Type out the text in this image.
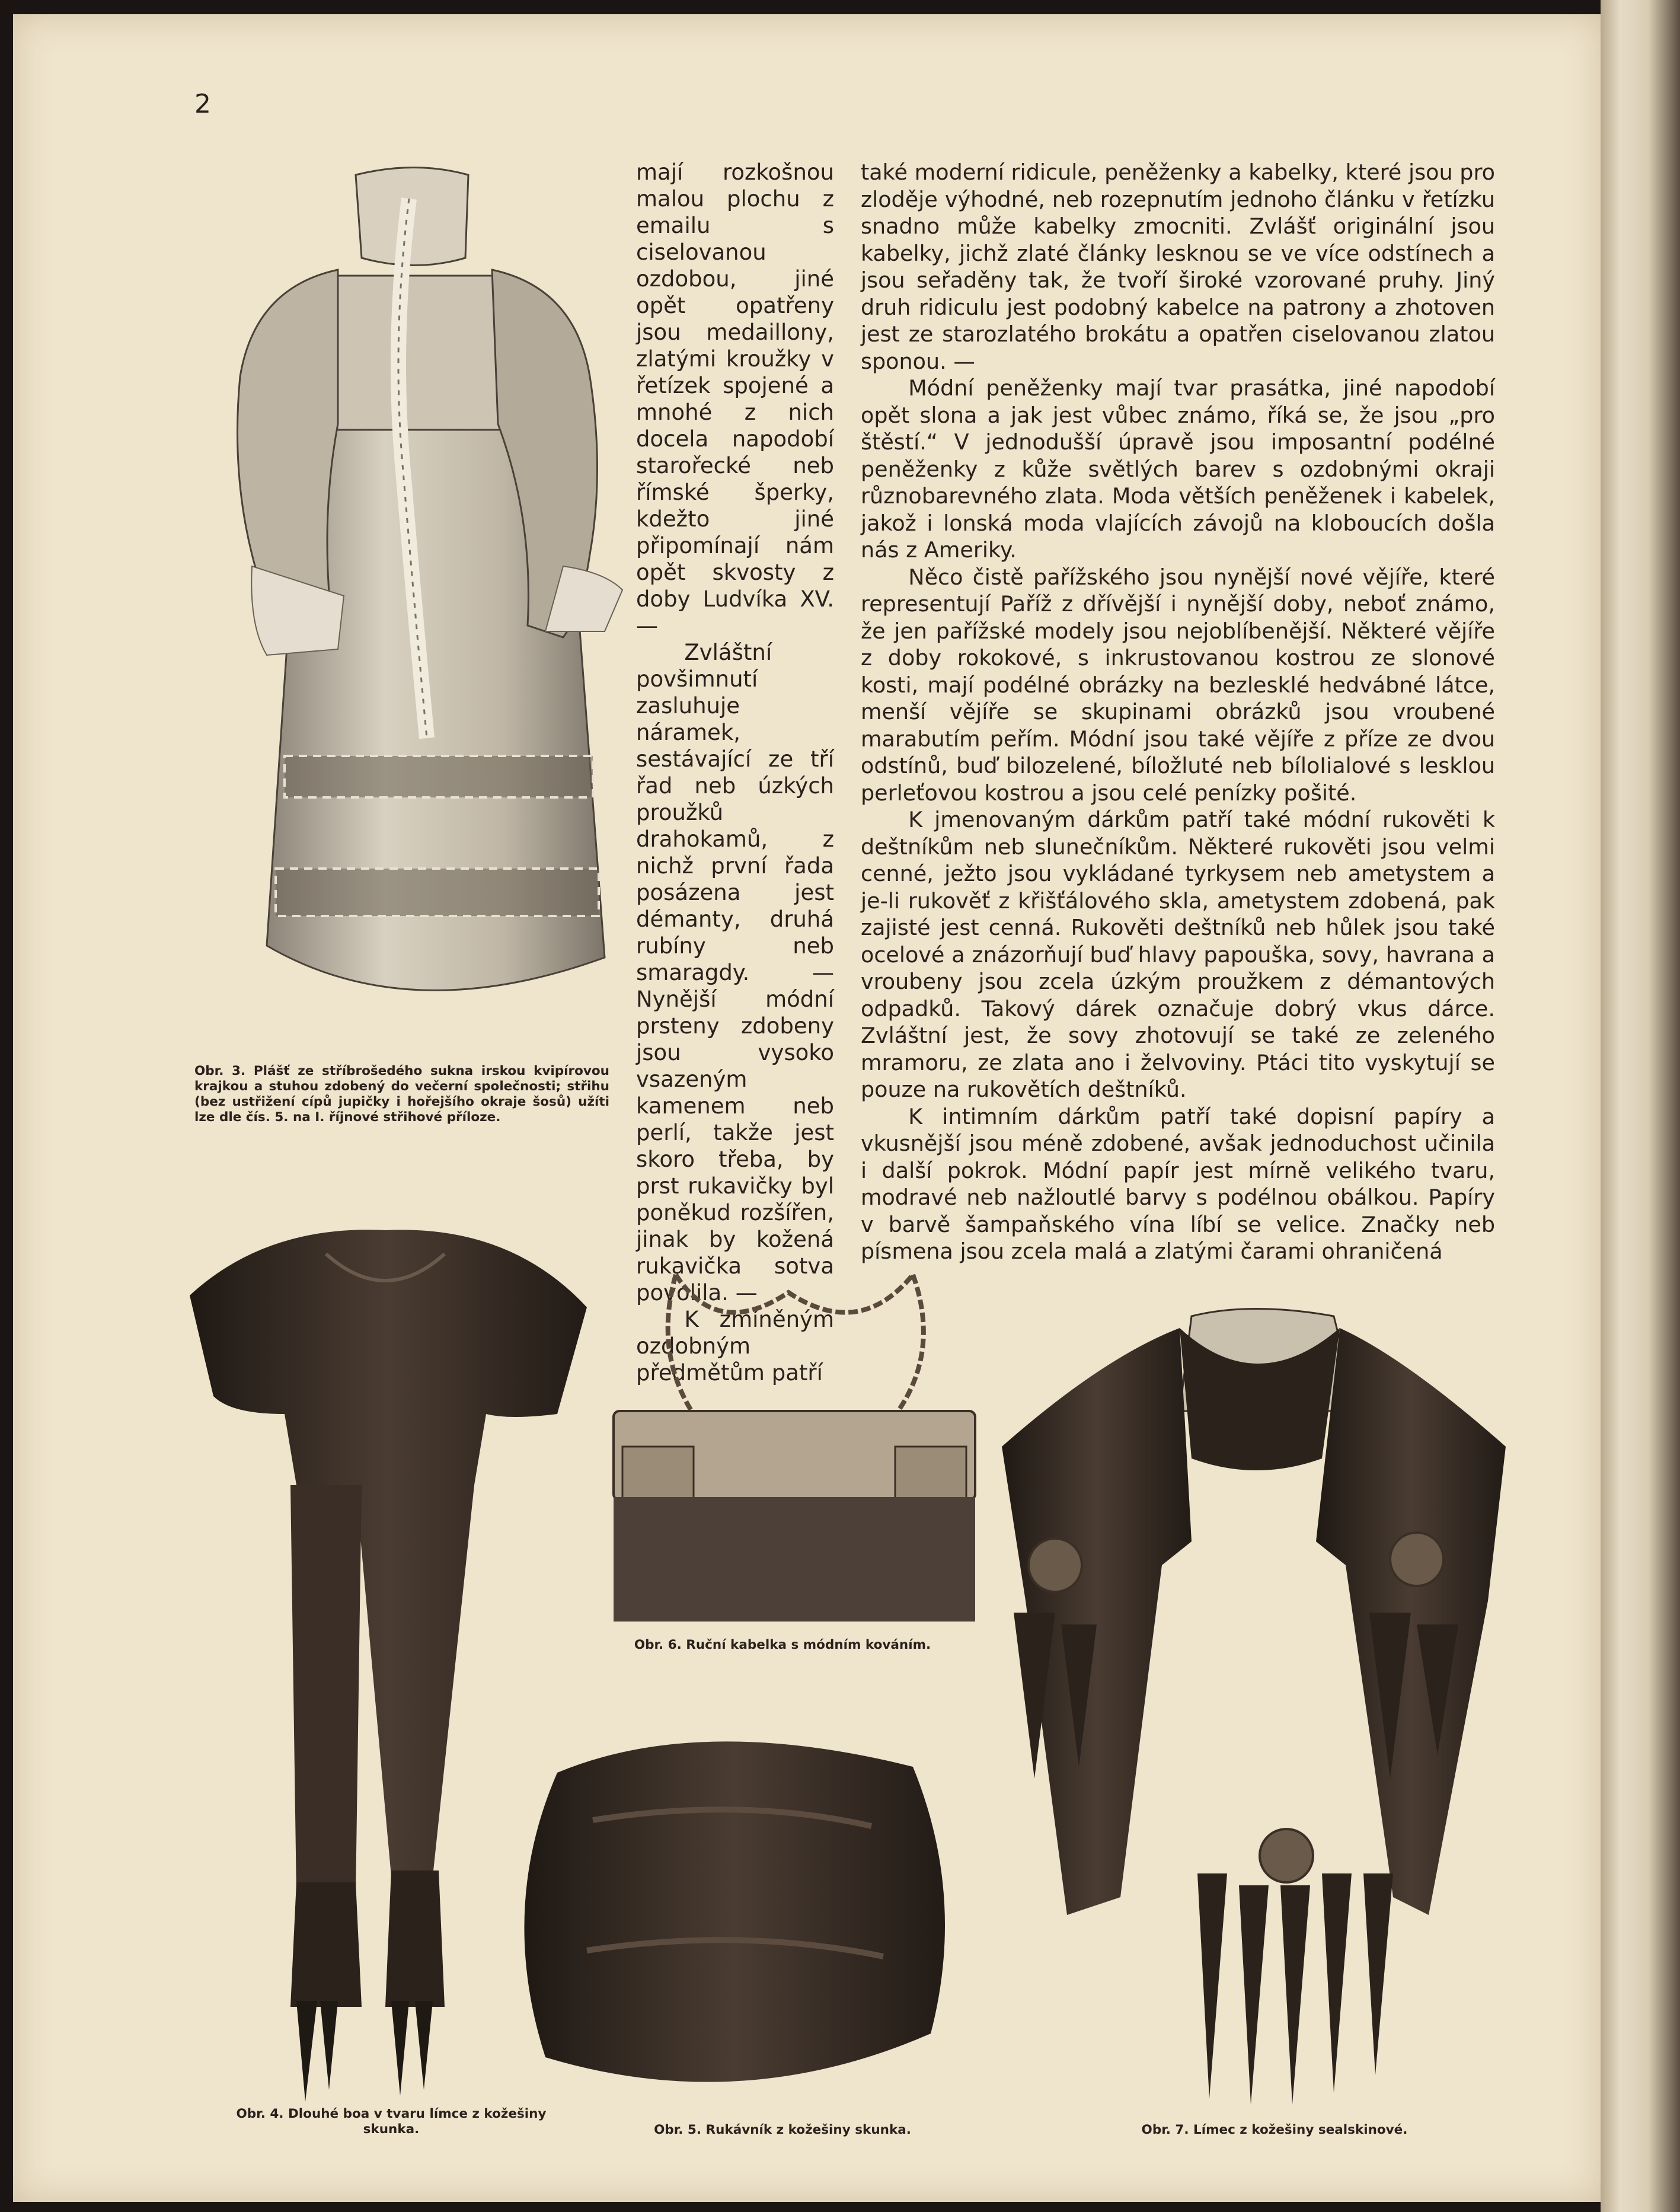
2
Obr. 3. Plášť ze stříbrošedého sukna irskou kvipírovou krajkou a stuhou zdobený do večerní společnosti; střihu (bez ustřižení cípů jupičky i hořejšího okraje šosů) užíti lze dle čís. 5. na I. říjnové střihové příloze.

mají rozkošnou malou plochu z emailu s ciselovanou ozdobou, jiné opět opatřeny jsou medaillony, zlatými kroužky v řetízek spojené a mnohé z nich docela napodobí starořecké neb římské šperky, kdežto jiné připomínají nám opět skvosty z doby Ludvíka XV. —

Zvláštní povšimnutí zasluhuje náramek, sestávající ze tří řad neb úzkých proužků drahokamů, z nichž první řada posázena jest démanty, druhá rubíny neb smaragdy. — Nynější módní prsteny zdobeny jsou vysoko vsazeným kamenem neb perlí, takže jest skoro třeba, by prst rukavičky byl poněkud rozšířen, jinak by kožená rukavička sotva povolila. —

K zmíněným ozdobným předmětům patří

také moderní ridicule, peněženky a kabelky, které jsou pro zloděje výhodné, neb rozepnutím jednoho článku v řetízku snadno může kabelky zmocniti. Zvlášť originální jsou kabelky, jichž zlaté články lesknou se ve více odstínech a jsou seřaděny tak, že tvoří široké vzorované pruhy. Jiný druh ridiculu jest podobný kabelce na patrony a zhotoven jest ze starozlatého brokátu a opatřen ciselovanou zlatou sponou. —

Módní peněženky mají tvar prasátka, jiné napodobí opět slona a jak jest vůbec známo, říká se, že jsou „pro štěstí.“ V jednodušší úpravě jsou imposantní podélné peněženky z kůže světlých barev s ozdobnými okraji různobarevného zlata. Moda větších peněženek i kabelek, jakož i lonská moda vlajících závojů na kloboucích došla nás z Ameriky.

Něco čistě pařížského jsou nynější nové vějíře, které representují Paříž z dřívější i nynější doby, neboť známo, že jen pařížské modely jsou nejoblíbenější. Některé vějíře z doby rokokové, s inkrustovanou kostrou ze slonové kosti, mají podélné obrázky na bezlesklé hedvábné látce, menší vějíře se skupinami obrázků jsou vroubené marabutím peřím. Módní jsou také vějíře z příze ze dvou odstínů, buď bilozelené, bíložluté neb bíloIialové s lesklou perleťovou kostrou a jsou celé penízky pošité.

K jmenovaným dárkům patří také módní rukověti k deštníkům neb slunečníkům. Některé rukověti jsou velmi cenné, ježto jsou vykládané tyrkysem neb ametystem a je-li rukověť z křišťálového skla, ametystem zdobená, pak zajisté jest cenná. Rukověti deštníků neb hůlek jsou také ocelové a znázorňují buď hlavy papouška, sovy, havrana a vroubeny jsou zcela úzkým proužkem z démantových odpadků. Takový dárek označuje dobrý vkus dárce. Zvláštní jest, že sovy zhotovují se také ze zeleného mramoru, ze zlata ano i želvoviny. Ptáci tito vyskytují se pouze na rukovětích deštníků.

K intimním dárkům patří také dopisní papíry a vkusnější jsou méně zdobené, avšak jednoduchost učinila i další pokrok. Módní papír jest mírně velikého tvaru, modravé neb nažloutlé barvy s podélnou obálkou. Papíry v barvě šampaňského vína líbí se velice. Značky neb písmena jsou zcela malá a zlatými čarami ohraničená

Obr. 4. Dlouhé boa v tvaru límce z kožešiny skunka.
Obr. 6. Ruční kabelka s módním kováním.
Obr. 5. Rukávník z kožešiny skunka.	Obr. 7. Límec z kožešiny sealskinové.
